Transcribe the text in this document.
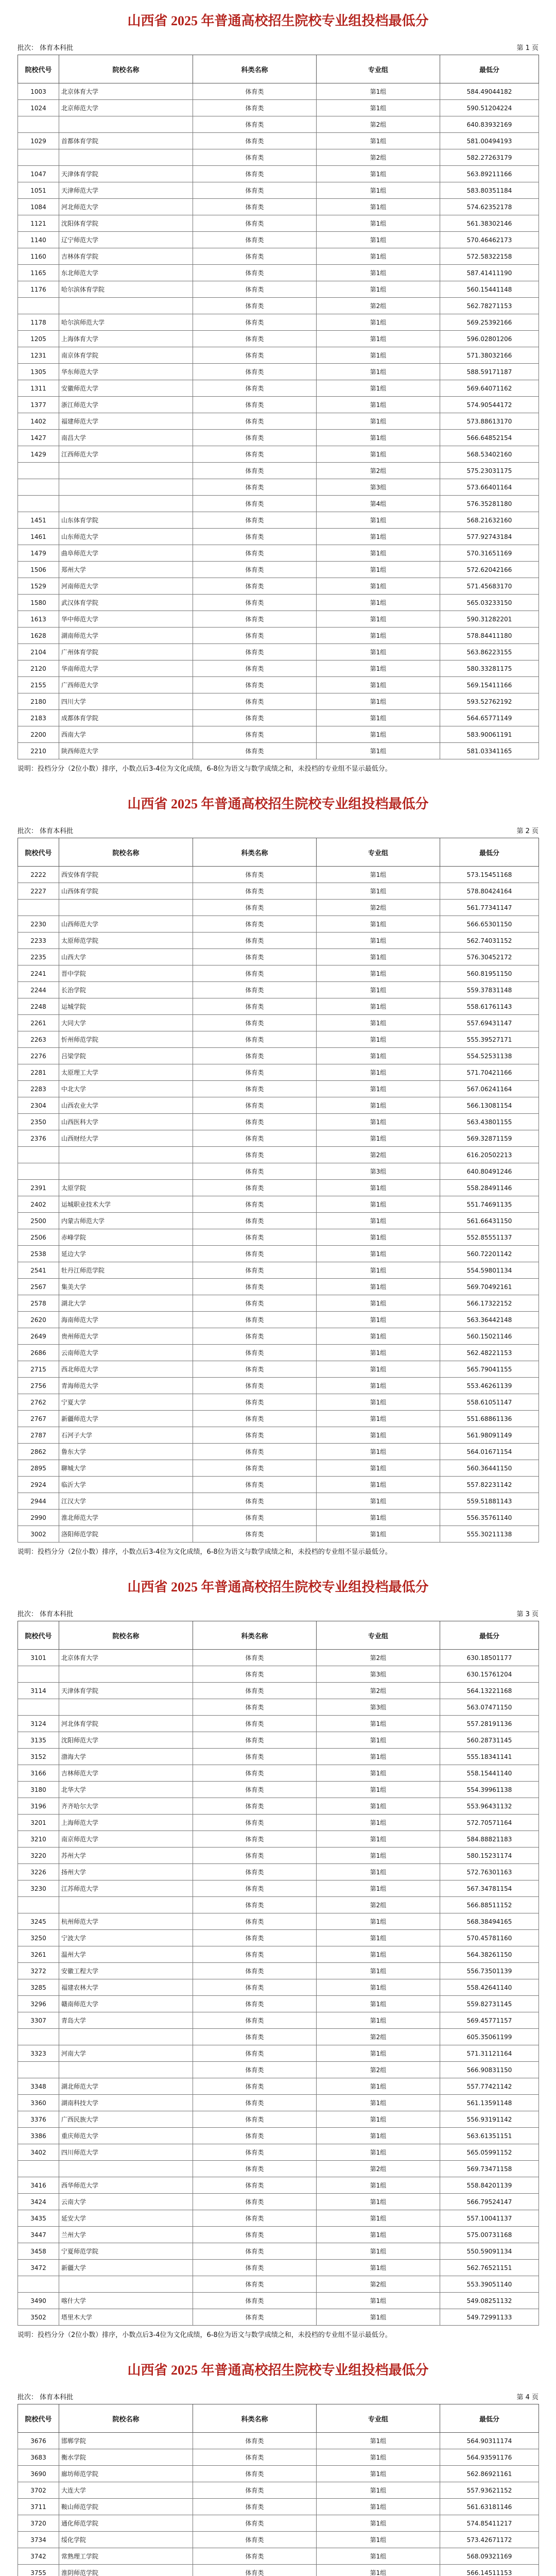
山西省 2025 年普通高校招生院校专业组投档最低分
批次： 体育本科批	第 1 页
院校代号	院校名称	科类名称	专业组	最低分
1003	北京体育大学	体育类	第1组	584.49044182
1024	北京师范大学	体育类	第1组	590.51204224
		体育类	第2组	640.83932169
1029	首都体育学院	体育类	第1组	581.00494193
		体育类	第2组	582.27263179
1047	天津体育学院	体育类	第1组	563.89211166
1051	天津师范大学	体育类	第1组	583.80351184
1084	河北师范大学	体育类	第1组	574.62352178
1121	沈阳体育学院	体育类	第1组	561.38302146
1140	辽宁师范大学	体育类	第1组	570.46462173
1160	吉林体育学院	体育类	第1组	572.58322158
1165	东北师范大学	体育类	第1组	587.41411190
1176	哈尔滨体育学院	体育类	第1组	560.15441148
		体育类	第2组	562.78271153
1178	哈尔滨师范大学	体育类	第1组	569.25392166
1205	上海体育大学	体育类	第1组	596.02801206
1231	南京体育学院	体育类	第1组	571.38032166
1305	华东师范大学	体育类	第1组	588.59171187
1311	安徽师范大学	体育类	第1组	569.64071162
1377	浙江师范大学	体育类	第1组	574.90544172
1402	福建师范大学	体育类	第1组	573.88613170
1427	南昌大学	体育类	第1组	566.64852154
1429	江西师范大学	体育类	第1组	568.53402160
		体育类	第2组	575.23031175
		体育类	第3组	573.66401164
		体育类	第4组	576.35281180
1451	山东体育学院	体育类	第1组	568.21632160
1461	山东师范大学	体育类	第1组	577.92743184
1479	曲阜师范大学	体育类	第1组	570.31651169
1506	郑州大学	体育类	第1组	572.62042166
1529	河南师范大学	体育类	第1组	571.45683170
1580	武汉体育学院	体育类	第1组	565.03233150
1613	华中师范大学	体育类	第1组	590.31282201
1628	湖南师范大学	体育类	第1组	578.84411180
2104	广州体育学院	体育类	第1组	563.86223155
2120	华南师范大学	体育类	第1组	580.33281175
2155	广西师范大学	体育类	第1组	569.15411166
2180	四川大学	体育类	第1组	593.52762192
2183	成都体育学院	体育类	第1组	564.65771149
2200	西南大学	体育类	第1组	583.90061191
2210	陕西师范大学	体育类	第1组	581.03341165
说明：投档分分（2位小数）排序，小数点后3-4位为文化成绩，6-8位为语文与数学成绩之和，未投档的专业组不显示最低分。
山西省 2025 年普通高校招生院校专业组投档最低分
批次： 体育本科批	第 2 页
院校代号	院校名称	科类名称	专业组	最低分
2222	西安体育学院	体育类	第1组	573.15451168
2227	山西体育学院	体育类	第1组	578.80424164
		体育类	第2组	561.77341147
2230	山西师范大学	体育类	第1组	566.65301150
2233	太原师范学院	体育类	第1组	562.74031152
2235	山西大学	体育类	第1组	576.30452172
2241	晋中学院	体育类	第1组	560.81951150
2244	长治学院	体育类	第1组	559.37831148
2248	运城学院	体育类	第1组	558.61761143
2261	大同大学	体育类	第1组	557.69431147
2263	忻州师范学院	体育类	第1组	555.39527171
2276	吕梁学院	体育类	第1组	554.52531138
2281	太原理工大学	体育类	第1组	571.70421166
2283	中北大学	体育类	第1组	567.06241164
2304	山西农业大学	体育类	第1组	566.13081154
2350	山西医科大学	体育类	第1组	563.43801155
2376	山西财经大学	体育类	第1组	569.32871159
		体育类	第2组	616.20502213
		体育类	第3组	640.80491246
2391	太原学院	体育类	第1组	558.28491146
2402	运城职业技术大学	体育类	第1组	551.74691135
2500	内蒙古师范大学	体育类	第1组	561.66431150
2506	赤峰学院	体育类	第1组	552.85551137
2538	延边大学	体育类	第1组	560.72201142
2541	牡丹江师范学院	体育类	第1组	554.59801134
2567	集美大学	体育类	第1组	569.70492161
2578	湖北大学	体育类	第1组	566.17322152
2620	海南师范大学	体育类	第1组	563.36442148
2649	贵州师范大学	体育类	第1组	560.15021146
2686	云南师范大学	体育类	第1组	562.48221153
2715	西北师范大学	体育类	第1组	565.79041155
2756	青海师范大学	体育类	第1组	553.46261139
2762	宁夏大学	体育类	第1组	558.61051147
2767	新疆师范大学	体育类	第1组	551.68861136
2787	石河子大学	体育类	第1组	561.98091149
2862	鲁东大学	体育类	第1组	564.01671154
2895	聊城大学	体育类	第1组	560.36441150
2924	临沂大学	体育类	第1组	557.82231142
2944	江汉大学	体育类	第1组	559.51881143
2990	淮北师范大学	体育类	第1组	556.35761140
3002	洛阳师范学院	体育类	第1组	555.30211138
说明：投档分分（2位小数）排序，小数点后3-4位为文化成绩，6-8位为语文与数学成绩之和，未投档的专业组不显示最低分。
山西省 2025 年普通高校招生院校专业组投档最低分
批次： 体育本科批	第 3 页
院校代号	院校名称	科类名称	专业组	最低分
3101	北京体育大学	体育类	第2组	630.18501177
		体育类	第3组	630.15761204
3114	天津体育学院	体育类	第2组	564.13221168
		体育类	第3组	563.07471150
3124	河北体育学院	体育类	第1组	557.28191136
3135	沈阳师范大学	体育类	第1组	560.28731145
3152	渤海大学	体育类	第1组	555.18341141
3166	吉林师范大学	体育类	第1组	558.15441140
3180	北华大学	体育类	第1组	554.39961138
3196	齐齐哈尔大学	体育类	第1组	553.96431132
3201	上海师范大学	体育类	第1组	572.70571164
3210	南京师范大学	体育类	第1组	584.88821183
3220	苏州大学	体育类	第1组	580.15231174
3226	扬州大学	体育类	第1组	572.76301163
3230	江苏师范大学	体育类	第1组	567.34781154
		体育类	第2组	566.88511152
3245	杭州师范大学	体育类	第1组	568.38494165
3250	宁波大学	体育类	第1组	570.45781160
3261	温州大学	体育类	第1组	564.38261150
3272	安徽工程大学	体育类	第1组	556.73501139
3285	福建农林大学	体育类	第1组	558.42641140
3296	赣南师范大学	体育类	第1组	559.82731145
3307	青岛大学	体育类	第1组	569.45771157
		体育类	第2组	605.35061199
3323	河南大学	体育类	第1组	571.31121164
		体育类	第2组	566.90831150
3348	湖北师范大学	体育类	第1组	557.77421142
3360	湖南科技大学	体育类	第1组	561.13591148
3376	广西民族大学	体育类	第1组	556.93191142
3386	重庆师范大学	体育类	第1组	563.61351151
3402	四川师范大学	体育类	第1组	565.05991152
		体育类	第2组	569.73471158
3416	西华师范大学	体育类	第1组	558.84201139
3424	云南大学	体育类	第1组	566.79524147
3435	延安大学	体育类	第1组	557.10041137
3447	兰州大学	体育类	第1组	575.00731168
3458	宁夏师范学院	体育类	第1组	550.59091134
3472	新疆大学	体育类	第1组	562.76521151
		体育类	第2组	553.39051140
3490	喀什大学	体育类	第1组	549.08251132
3502	塔里木大学	体育类	第1组	549.72991133
说明：投档分分（2位小数）排序，小数点后3-4位为文化成绩，6-8位为语文与数学成绩之和，未投档的专业组不显示最低分。
山西省 2025 年普通高校招生院校专业组投档最低分
批次： 体育本科批	第 4 页
院校代号	院校名称	科类名称	专业组	最低分
3676	邯郸学院	体育类	第1组	564.90311174
3683	衡水学院	体育类	第1组	564.93591176
3690	廊坊师范学院	体育类	第1组	562.86921161
3702	大连大学	体育类	第1组	557.93621152
3711	鞍山师范学院	体育类	第1组	561.63181146
3720	通化师范学院	体育类	第1组	574.85411217
3734	绥化学院	体育类	第1组	573.42671172
3742	常熟理工学院	体育类	第1组	568.09321169
3755	淮阴师范学院	体育类	第1组	566.14511153
